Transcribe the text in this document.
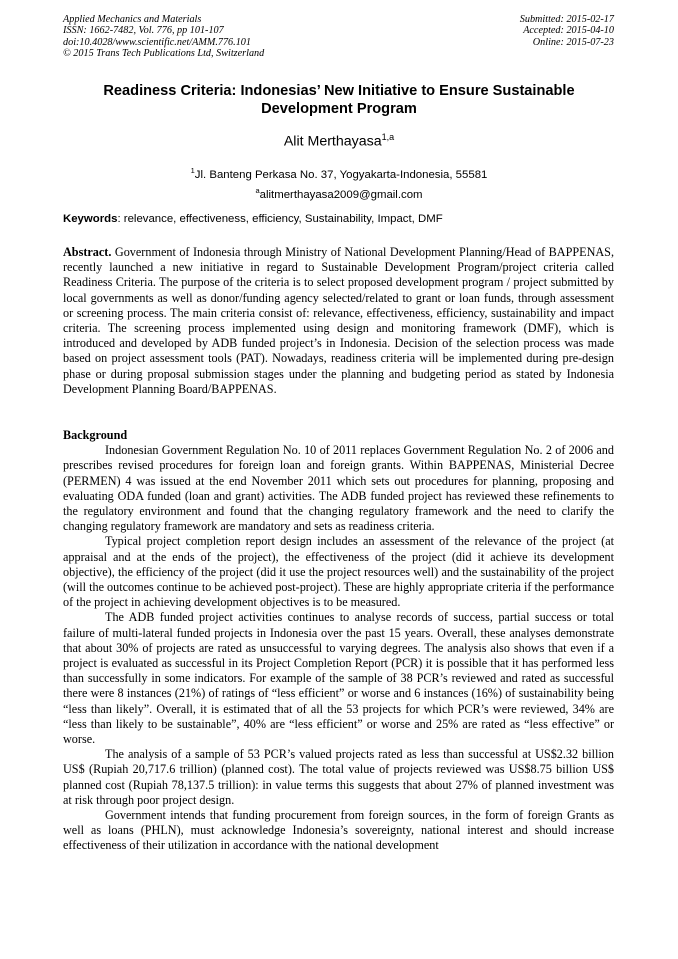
Applied Mechanics and Materials
ISSN: 1662-7482, Vol. 776, pp 101-107
doi:10.4028/www.scientific.net/AMM.776.101
© 2015 Trans Tech Publications Ltd, Switzerland
Submitted: 2015-02-17
Accepted: 2015-04-10
Online: 2015-07-23
Readiness Criteria: Indonesias’ New Initiative to Ensure Sustainable Development Program
Alit Merthayasa$^{1,a}$
$^1$Jl. Banteng Perkasa No. 37, Yogyakarta-Indonesia, 55581
$^a$alitmerthayasa2009@gmail.com
Keywords: relevance, effectiveness, efficiency, Sustainability, Impact, DMF
Abstract. Government of Indonesia through Ministry of National Development Planning/Head of BAPPENAS, recently launched a new initiative in regard to Sustainable Development Program/project criteria called Readiness Criteria. The purpose of the criteria is to select proposed development program / project submitted by local governments as well as donor/funding agency selected/related to grant or loan funds, through assessment or screening process. The main criteria consist of: relevance, effectiveness, efficiency, sustainability and impact criteria. The screening process implemented using design and monitoring framework (DMF), which is introduced and developed by ADB funded project’s in Indonesia. Decision of the selection process was made based on project assessment tools (PAT). Nowadays, readiness criteria will be implemented during pre-design phase or during proposal submission stages under the planning and budgeting period as stated by Indonesia Development Planning Board/BAPPENAS.
Background

Indonesian Government Regulation No. 10 of 2011 replaces Government Regulation No. 2 of 2006 and prescribes revised procedures for foreign loan and foreign grants. Within BAPPENAS, Ministerial Decree (PERMEN) 4 was issued at the end November 2011 which sets out procedures for planning, proposing and evaluating ODA funded (loan and grant) activities. The ADB funded project has reviewed these refinements to the regulatory environment and found that the changing regulatory framework and the need to clarify the changing regulatory framework are mandatory and sets as readiness criteria.

Typical project completion report design includes an assessment of the relevance of the project (at appraisal and at the ends of the project), the effectiveness of the project (did it achieve its development objective), the efficiency of the project (did it use the project resources well) and the sustainability of the project (will the outcomes continue to be achieved post-project). These are highly appropriate criteria if the performance of the project in achieving development objectives is to be measured.

The ADB funded project activities continues to analyse records of success, partial success or total failure of multi-lateral funded projects in Indonesia over the past 15 years. Overall, these analyses demonstrate that about 30% of projects are rated as unsuccessful to varying degrees. The analysis also shows that even if a project is evaluated as successful in its Project Completion Report (PCR) it is possible that it has performed less than successfully in some indicators. For example of the sample of 38 PCR’s reviewed and rated as successful there were 8 instances (21%) of ratings of “less efficient” or worse and 6 instances (16%) of sustainability being “less than likely”. Overall, it is estimated that of all the 53 projects for which PCR’s were reviewed, 34% are “less than likely to be sustainable”, 40% are “less efficient” or worse and 25% are rated as “less effective” or worse.

The analysis of a sample of 53 PCR’s valued projects rated as less than successful at US$2.32 billion US$ (Rupiah 20,717.6 trillion) (planned cost). The total value of projects reviewed was US$8.75 billion US$ planned cost (Rupiah 78,137.5 trillion): in value terms this suggests that about 27% of planned investment was at risk through poor project design.

Government intends that funding procurement from foreign sources, in the form of foreign Grants as well as loans (PHLN), must acknowledge Indonesia’s sovereignty, national interest and should increase effectiveness of their utilization in accordance with the national development
